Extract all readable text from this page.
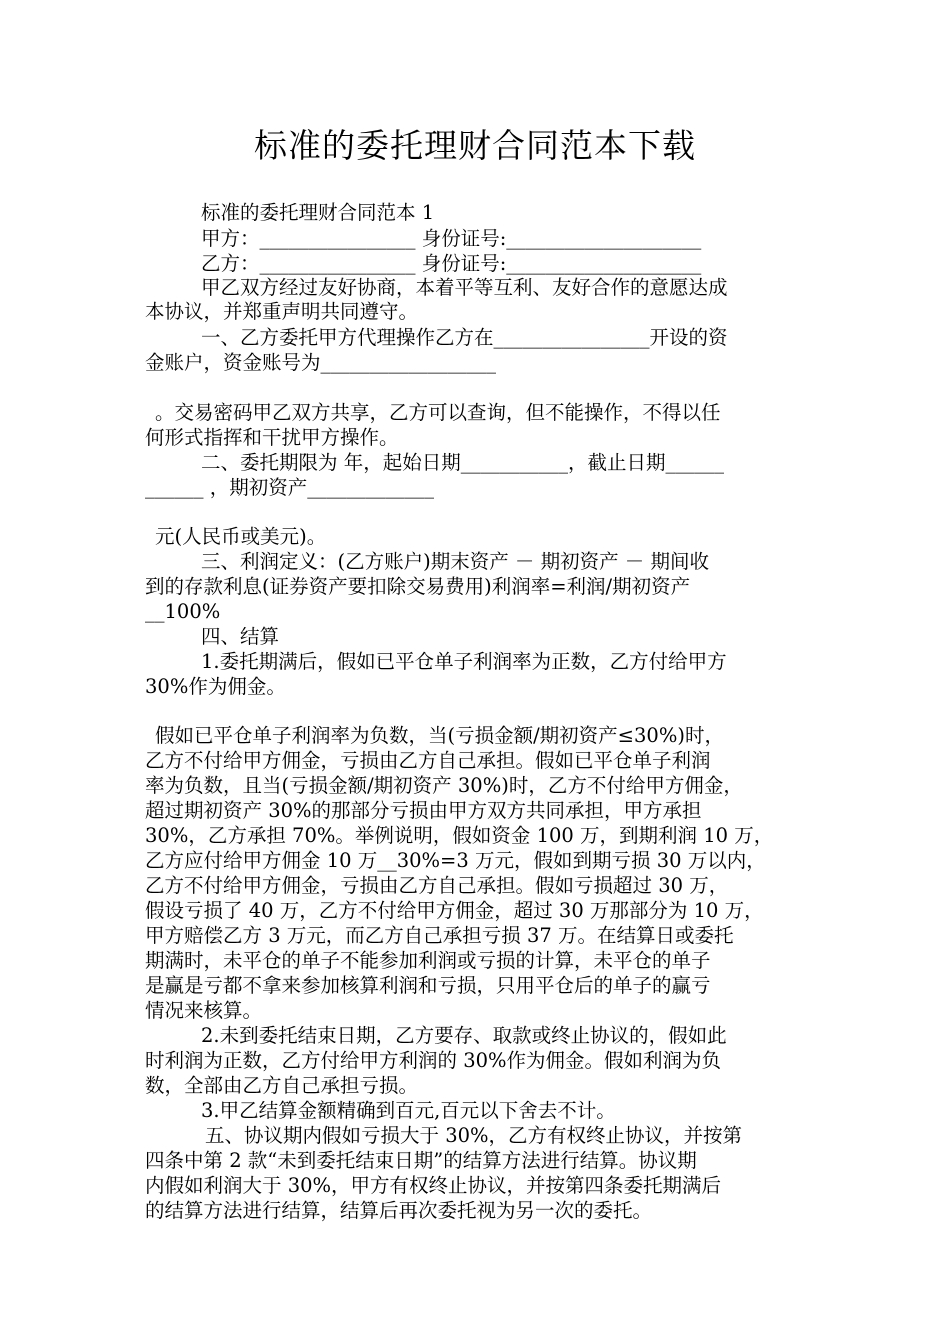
标准的委托理财合同范本下载
标准的委托理财合同范本 1
甲方：________________ 身份证号:____________________
乙方：________________ 身份证号:____________________
甲乙双方经过友好协商，本着平等互利、友好合作的意愿达成
本协议，并郑重声明共同遵守。
一、乙方委托甲方代理操作乙方在________________开设的资
金账户，资金账号为__________________
。交易密码甲乙双方共享，乙方可以查询，但不能操作，不得以任
何形式指挥和干扰甲方操作。
二、委托期限为 年，起始日期___________，截止日期______
______ ，期初资产_____________
元(人民币或美元)。
三、利润定义：(乙方账户)期末资产 － 期初资产 － 期间收
到的存款利息(证券资产要扣除交易费用)利润率=利润/期初资产
__100%
四、结算
1.委托期满后，假如已平仓单子利润率为正数，乙方付给甲方
30%作为佣金。
假如已平仓单子利润率为负数，当(亏损金额/期初资产≤30%)时，
乙方不付给甲方佣金，亏损由乙方自己承担。假如已平仓单子利润
率为负数，且当(亏损金额/期初资产 30%)时，乙方不付给甲方佣金，
超过期初资产 30%的那部分亏损由甲方双方共同承担，甲方承担
30%，乙方承担 70%。举例说明，假如资金 100 万，到期利润 10 万，
乙方应付给甲方佣金 10 万__30%=3 万元，假如到期亏损 30 万以内，
乙方不付给甲方佣金，亏损由乙方自己承担。假如亏损超过 30 万，
假设亏损了 40 万，乙方不付给甲方佣金，超过 30 万那部分为 10 万，
甲方赔偿乙方 3 万元，而乙方自己承担亏损 37 万。在结算日或委托
期满时，未平仓的单子不能参加利润或亏损的计算，未平仓的单子
是赢是亏都不拿来参加核算利润和亏损，只用平仓后的单子的赢亏
情况来核算。
2.未到委托结束日期，乙方要存、取款或终止协议的，假如此
时利润为正数，乙方付给甲方利润的 30%作为佣金。假如利润为负
数，全部由乙方自己承担亏损。
3.甲乙结算金额精确到百元,百元以下舍去不计。
五、协议期内假如亏损大于 30%，乙方有权终止协议，并按第
四条中第 2 款“未到委托结束日期”的结算方法进行结算。协议期
内假如利润大于 30%，甲方有权终止协议，并按第四条委托期满后
的结算方法进行结算，结算后再次委托视为另一次的委托。
